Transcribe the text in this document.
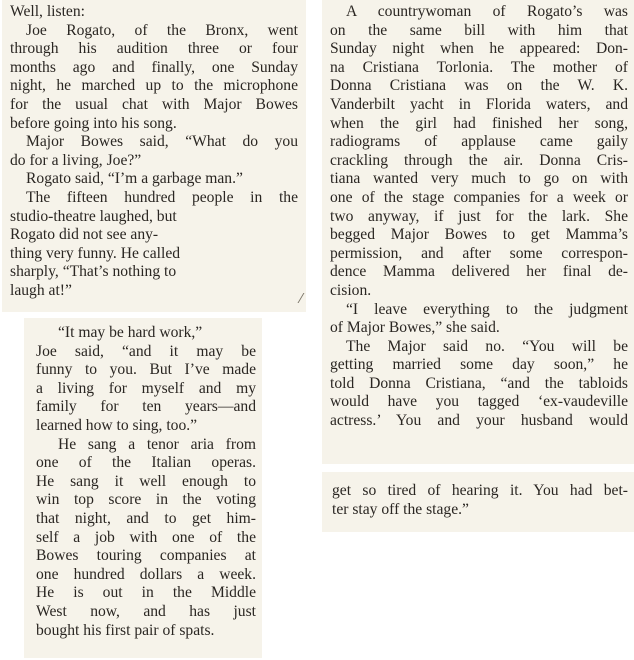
Well, listen:
Joe Rogato, of the Bronx, went
through his audition three or four
months ago and finally, one Sunday
night, he marched up to the microphone
for the usual chat with Major Bowes
before going into his song.
Major Bowes said, “What do you
do for a living, Joe?”
Rogato said, “I’m a garbage man.”
The fifteen hundred people in the
studio-theatre laughed, but
Rogato did not see any-
thing very funny. He called
sharply, “That’s nothing to
laugh at!”
⁄
“It may be hard work,”
Joe said, “and it may be
funny to you. But I’ve made
a living for myself and my
family for ten years—and
learned how to sing, too.”
He sang a tenor aria from
one of the Italian operas.
He sang it well enough to
win top score in the voting
that night, and to get him-
self a job with one of the
Bowes touring companies at
one hundred dollars a week.
He is out in the Middle
West now, and has just
bought his first pair of spats.
A countrywoman of Rogato’s was
on the same bill with him that
Sunday night when he appeared: Don-
na Cristiana Torlonia. The mother of
Donna Cristiana was on the W. K.
Vanderbilt yacht in Florida waters, and
when the girl had finished her song,
radiograms of applause came gaily
crackling through the air. Donna Cris-
tiana wanted very much to go on with
one of the stage companies for a week or
two anyway, if just for the lark. She
begged Major Bowes to get Mamma’s
permission, and after some correspon-
dence Mamma delivered her final de-
cision.
“I leave everything to the judgment
of Major Bowes,” she said.
The Major said no. “You will be
getting married some day soon,” he
told Donna Cristiana, “and the tabloids
would have you tagged ‘ex-vaudeville
actress.’ You and your husband would
get so tired of hearing it. You had bet-
ter stay off the stage.”
